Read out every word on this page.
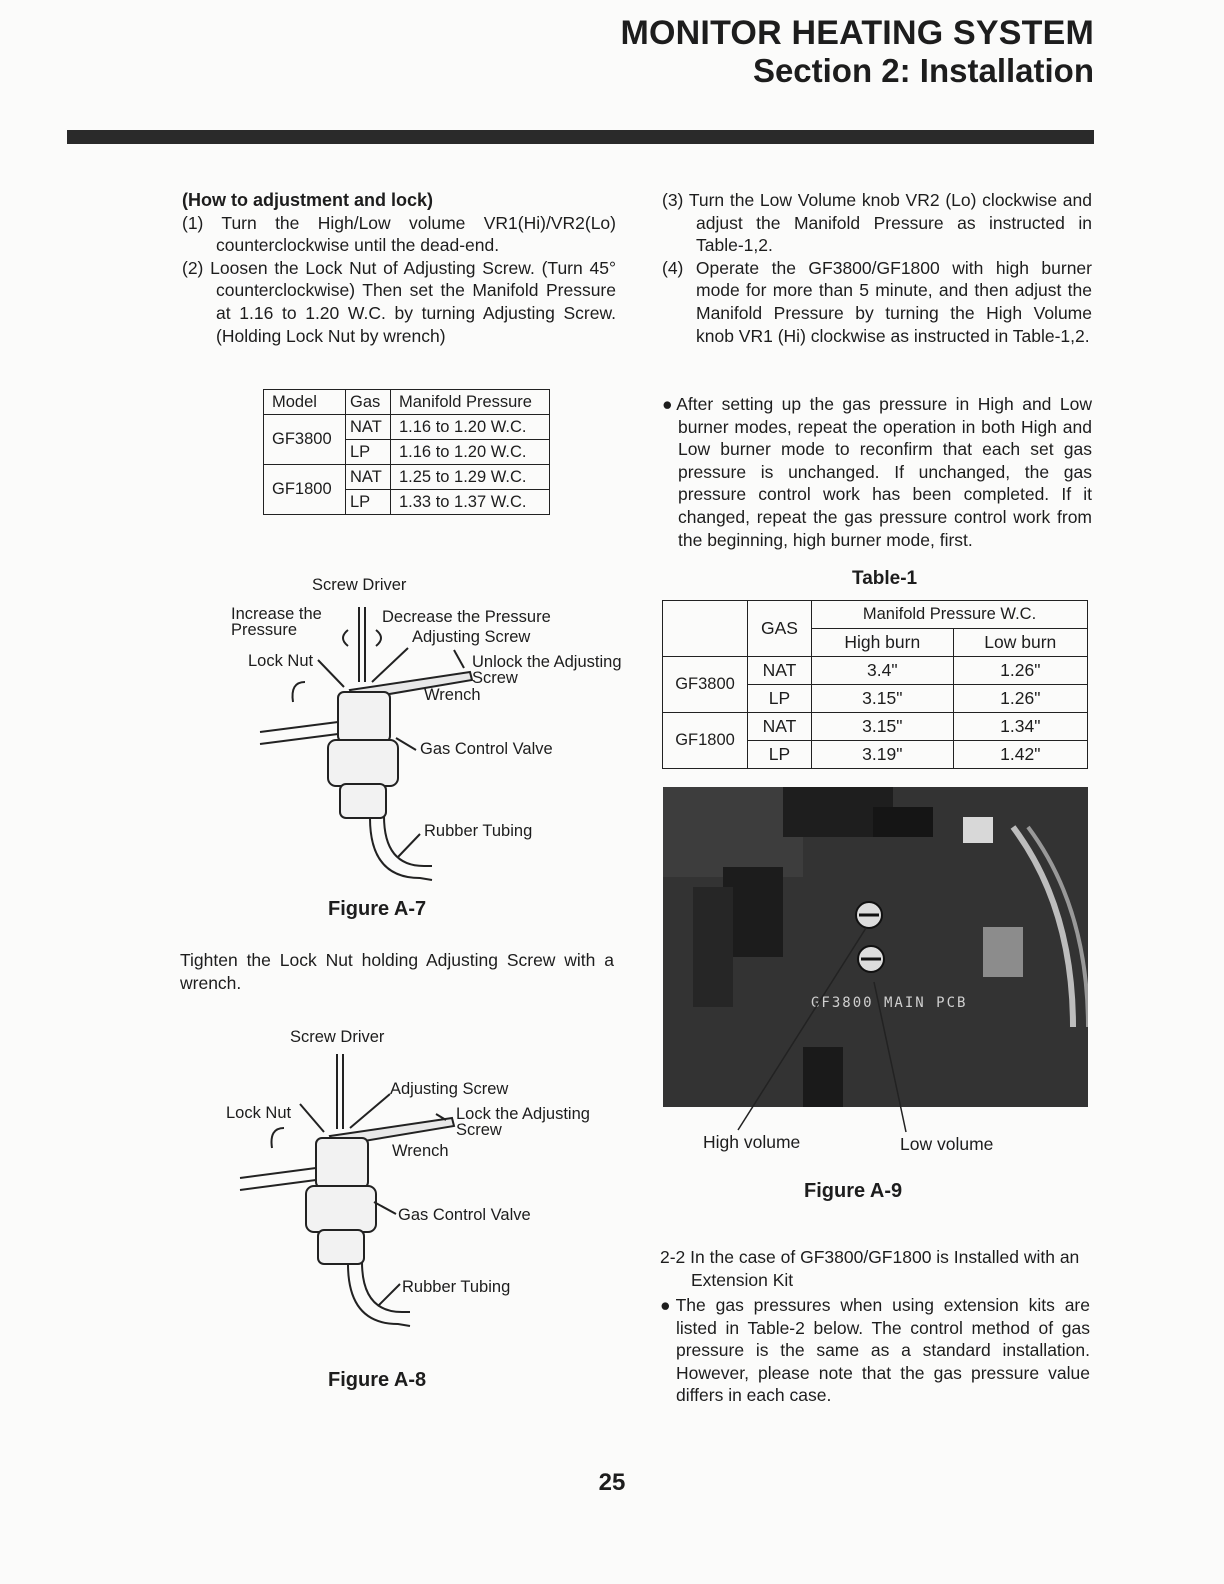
MONITOR HEATING SYSTEM
Section 2: Installation

(How to adjustment and lock)

(1) Turn the High/Low volume VR1(Hi)/VR2(Lo) counterclockwise until the dead-end.

(2) Loosen the Lock Nut of Adjusting Screw. (Turn 45° counterclockwise) Then set the Manifold Pressure at 1.16 to 1.20 W.C. by turning Adjusting Screw. (Holding Lock Nut by wrench)

Model	Gas	Manifold Pressure
GF3800	NAT	1.16 to 1.20 W.C.
	LP	1.16 to 1.20 W.C.
GF1800	NAT	1.25 to 1.29 W.C.
	LP	1.33 to 1.37 W.C.
Screw Driver
Increase the Pressure
Decrease the Pressure
Adjusting Screw
Lock Nut	Unlock the Adjusting Screw
Wrench
Gas Control Valve
Rubber Tubing
Figure A-7
Tighten the Lock Nut holding Adjusting Screw with a wrench.
Screw Driver
Adjusting Screw
Lock Nut	Lock the Adjusting Screw
Wrench
Gas Control Valve
Rubber Tubing
Figure A-8

(3) Turn the Low Volume knob VR2 (Lo) clockwise and adjust the Manifold Pressure as instructed in Table-1,2.

(4) Operate the GF3800/GF1800 with high burner mode for more than 5 minute, and then adjust the Manifold Pressure by turning the High Volume knob VR1 (Hi) clockwise as instructed in Table-1,2.

●After setting up the gas pressure in High and Low burner modes, repeat the operation in both High and Low burner mode to reconfirm that each set gas pressure is unchanged. If unchanged, the gas pressure control work has been completed. If it changed, repeat the gas pressure control work from the beginning, high burner mode, first.
Table-1
	GAS	Manifold Pressure W.C.	
		High burn	Low burn
GF3800	NAT	3.4"	1.26"
	LP	3.15"	1.26"
GF1800	NAT	3.15"	1.34"
	LP	3.19"	1.42"
GF3800 MAIN PCB
High volume	Low volume
Figure A-9
2-2 In the case of GF3800/GF1800 is Installed with an Extension Kit
●The gas pressures when using extension kits are listed in Table-2 below. The control method of gas pressure is the same as a standard installation. However, please note that the gas pressure value differs in each case.
25
